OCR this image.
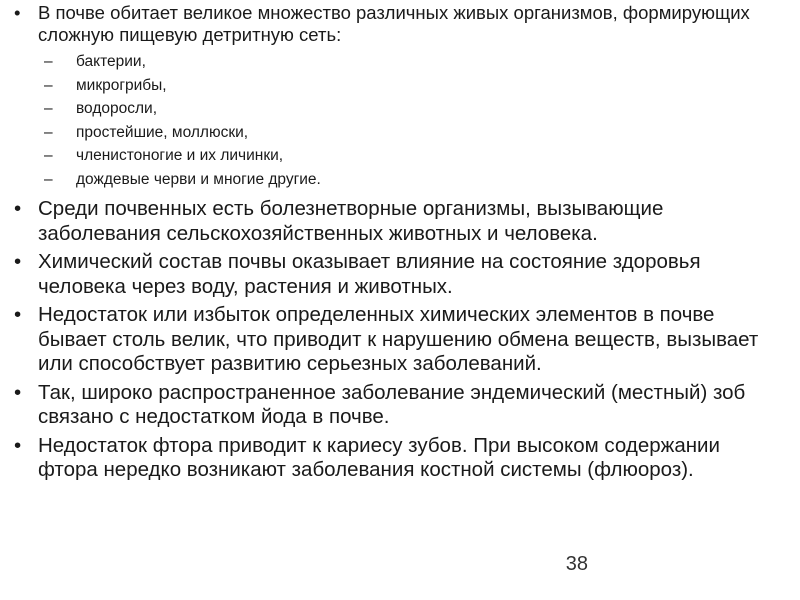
• В почве обитает великое множество различных живых организмов, формирующих сложную пищевую детритную сеть:
– бактерии,
– микрогрибы,
– водоросли,
– простейшие, моллюски,
– членистоногие и их личинки,
– дождевые черви и многие другие.
• Среди почвенных есть болезнетворные организмы, вызывающие заболевания сельскохозяйственных животных и человека.
• Химический состав почвы оказывает влияние на состояние здоровья человека через воду, растения и животных.
• Недостаток или избыток определенных химических элементов в почве бывает столь велик, что приводит к нарушению обмена веществ, вызывает или способствует развитию серьезных заболеваний.
• Так, широко распространенное заболевание эндемический (местный) зоб связано с недостатком йода в почве.
• Недостаток фтора приводит к кариесу зубов. При высоком содержании фтора нередко возникают заболевания костной системы (флюороз).
38
